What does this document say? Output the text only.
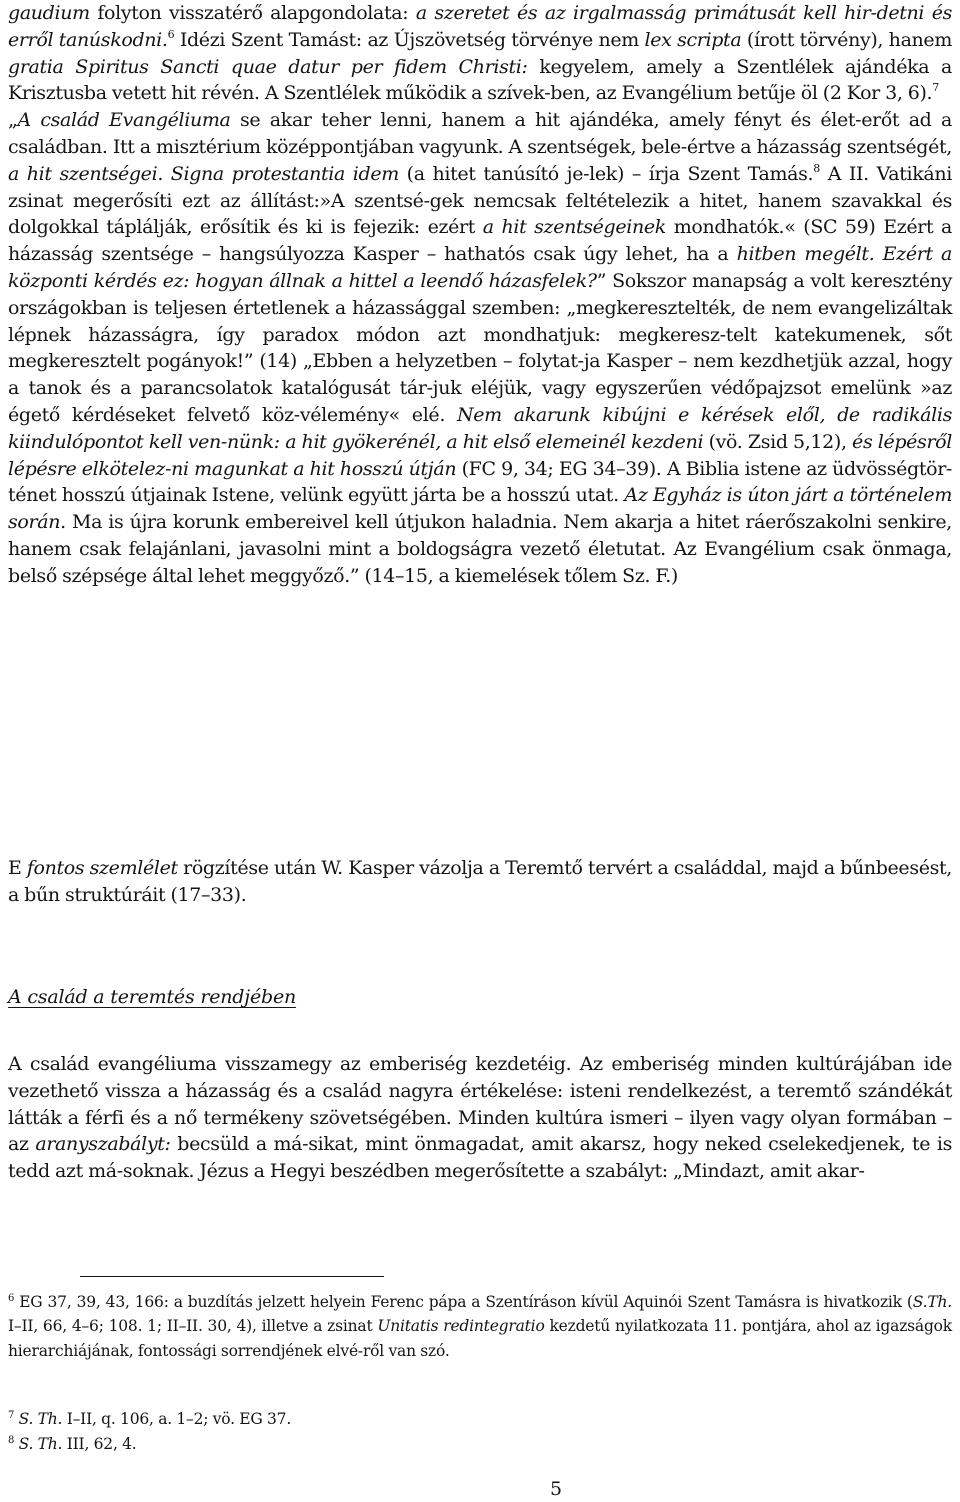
gaudium folyton visszatérő alapgondolata: a szeretet és az irgalmasság primátusát kell hir-detni és erről tanúskodni.$^6$ Idézi Szent Tamást: az Újszövetség törvénye nem lex scripta (írott törvény), hanem gratia Spiritus Sancti quae datur per fidem Christi: kegyelem, amely a Szentlélek ajándéka a Krisztusba vetett hit révén. A Szentlélek működik a szívek-ben, az Evangélium betűje öl (2 Kor 3, 6).$^7$
„A család Evangéliuma se akar teher lenni, hanem a hit ajándéka, amely fényt és élet-erőt ad a családban. Itt a misztérium középpontjában vagyunk. A szentségek, bele-értve a házasság szentségét, a hit szentségei. Signa protestantia idem (a hitet tanúsító je-lek) – írja Szent Tamás.$^8$ A II. Vatikáni zsinat megerősíti ezt az állítást:»A szentsé-gek nemcsak feltételezik a hitet, hanem szavakkal és dolgokkal táplálják, erősítik és ki is fejezik: ezért a hit szentségeinek mondhatók.« (SC 59) Ezért a házasság szentsége – hangsúlyozza Kasper – hathatós csak úgy lehet, ha a hitben megélt. Ezért a központi kérdés ez: hogyan állnak a hittel a leendő házasfelek?” Sokszor manapság a volt keresztény országokban is teljesen értetlenek a házassággal szemben: „megkeresztelték, de nem evangelizáltak lépnek házasságra, így paradox módon azt mondhatjuk: megkeresz-telt katekumenek, sőt megkeresztelt pogányok!” (14) „Ebben a helyzetben – folytat-ja Kasper – nem kezdhetjük azzal, hogy a tanok és a parancsolatok katalógusát tár-juk eléjük, vagy egyszerűen védőpajzsot emelünk »az égető kérdéseket felvető köz-vélemény« elé. Nem akarunk kibújni e kérések elől, de radikális kiindulópontot kell ven-nünk: a hit gyökerénél, a hit első elemeinél kezdeni (vö. Zsid 5,12), és lépésről lépésre elkötelez-ni magunkat a hit hosszú útján (FC 9, 34; EG 34–39). A Biblia istene az üdvösségtör-ténet hosszú útjainak Istene, velünk együtt járta be a hosszú utat. Az Egyház is úton járt a történelem során. Ma is újra korunk embereivel kell útjukon haladnia. Nem akarja a hitet ráerőszakolni senkire, hanem csak felajánlani, javasolni mint a boldogságra vezető életutat. Az Evangélium csak önmaga, belső szépsége által lehet meggyőző.” (14–15, a kiemelések tőlem Sz. F.)

E fontos szemlélet rögzítése után W. Kasper vázolja a Teremtő tervért a családdal, majd a bűnbeesést, a bűn struktúráit (17–33).

A család a teremtés rendjében

A család evangéliuma visszamegy az emberiség kezdetéig. Az emberiség minden kultúrájában ide vezethető vissza a házasság és a család nagyra értékelése: isteni rendelkezést, a teremtő szándékát látták a férfi és a nő termékeny szövetségében. Minden kultúra ismeri – ilyen vagy olyan formában – az aranyszabályt: becsüld a má-sikat, mint önmagadat, amit akarsz, hogy neked cselekedjenek, te is tedd azt má-soknak. Jézus a Hegyi beszédben megerősítette a szabályt: „Mindazt, amit akar-

$^6$ EG 37, 39, 43, 166: a buzdítás jelzett helyein Ferenc pápa a Szentíráson kívül Aquinói Szent Tamásra is hivatkozik (S.Th. I–II, 66, 4–6; 108. 1; II–II. 30, 4), illetve a zsinat Unitatis redintegratio kezdetű nyilatkozata 11. pontjára, ahol az igazságok hierarchiájának, fontossági sorrendjének elvé-ről van szó.
$^7$ S. Th. I–II, q. 106, a. 1–2; vö. EG 37.
$^8$ S. Th. III, 62, 4.
5
